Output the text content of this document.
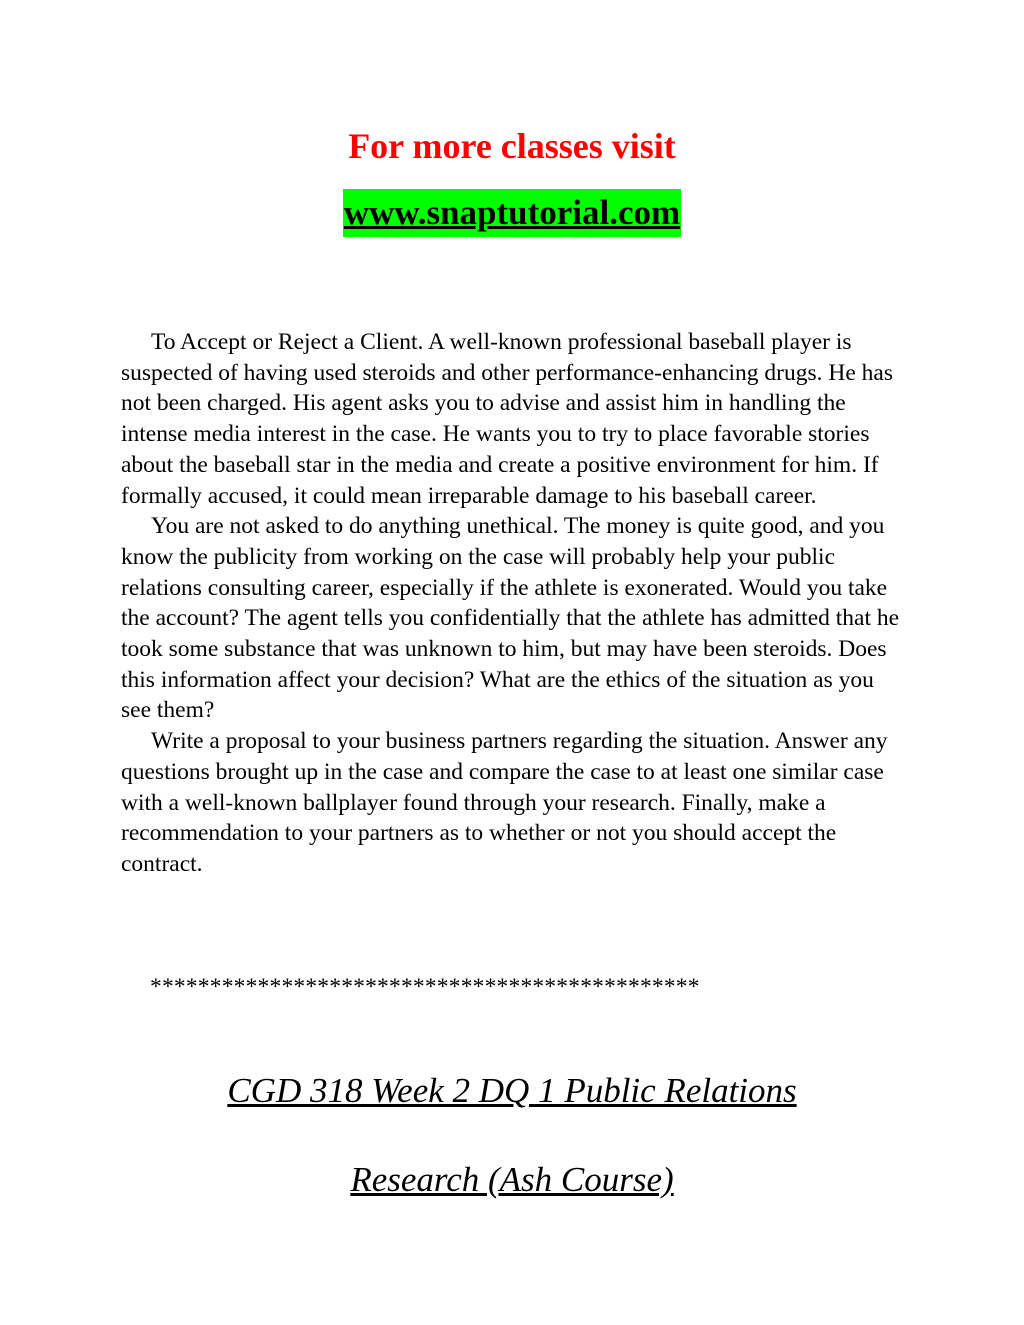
For more classes visit
www.snaptutorial.com

To Accept or Reject a Client. A well-known professional baseball player is suspected of having used steroids and other performance-enhancing drugs. He has not been charged. His agent asks you to advise and assist him in handling the intense media interest in the case. He wants you to try to place favorable stories about the baseball star in the media and create a positive environment for him. If formally accused, it could mean irreparable damage to his baseball career.

You are not asked to do anything unethical. The money is quite good, and you know the publicity from working on the case will probably help your public relations consulting career, especially if the athlete is exonerated. Would you take the account? The agent tells you confidentially that the athlete has admitted that he took some substance that was unknown to him, but may have been steroids. Does this information affect your decision? What are the ethics of the situation as you see them?

Write a proposal to your business partners regarding the situation. Answer any questions brought up in the case and compare the case to at least one similar case with a well-known ballplayer found through your research. Finally, make a recommendation to your partners as to whether or not you should accept the contract.

**********************************************
CGD 318 Week 2 DQ 1 Public Relations
Research (Ash Course)
